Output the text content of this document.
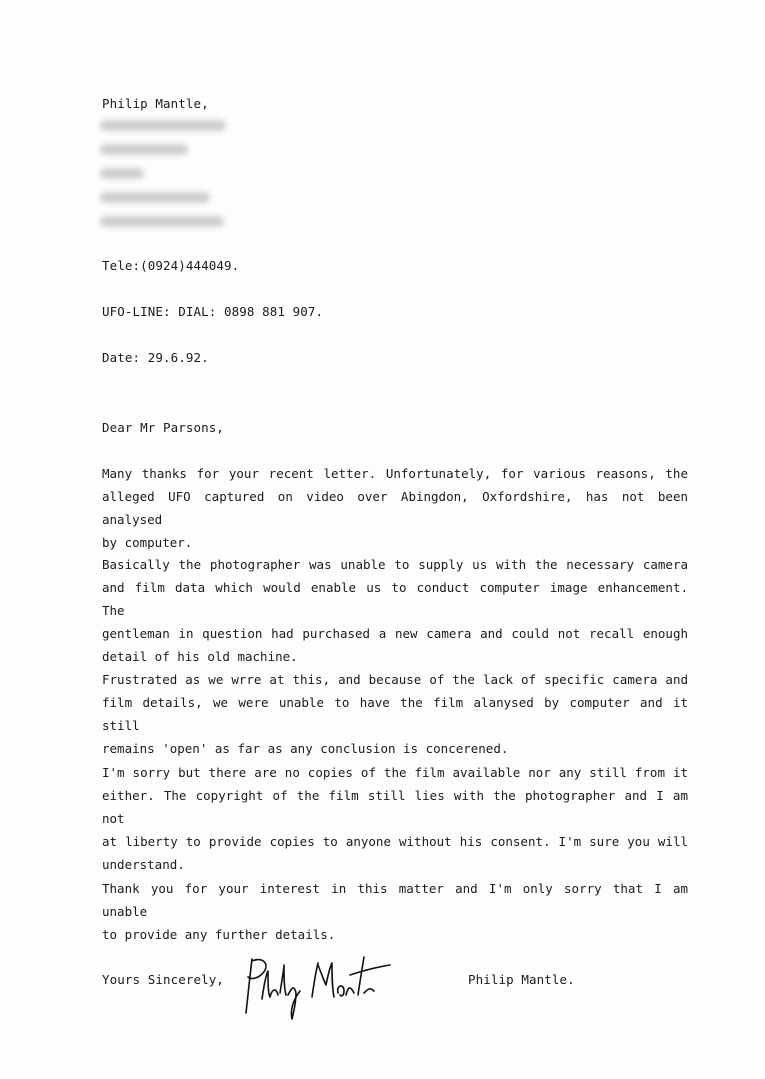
Philip Mantle,
Tele:(0924)444049.
UFO-LINE: DIAL: 0898 881 907.
Date: 29.6.92.
Dear Mr Parsons,
Many thanks for your recent letter. Unfortunately, for various reasons, the
alleged UFO captured on video over Abingdon, Oxfordshire, has not been analysed
by computer.
Basically the photographer was unable to supply us with the necessary camera
and film data which would enable us to conduct computer image enhancement. The
gentleman in question had purchased a new camera and could not recall enough
detail of his old machine.
Frustrated as we wrre at this, and because of the lack of specific camera and
film details, we were unable to have the film alanysed by computer and it still
remains 'open' as far as any conclusion is concerened.
I'm sorry but there are no copies of the film available nor any still from it
either. The copyright of the film still lies with the photographer and I am not
at liberty to provide copies to anyone without his consent. I'm sure you will
understand.
Thank you for your interest in this matter and I'm only sorry that I am unable
to provide any further details.
Yours Sincerely,	Philip Mantle.
